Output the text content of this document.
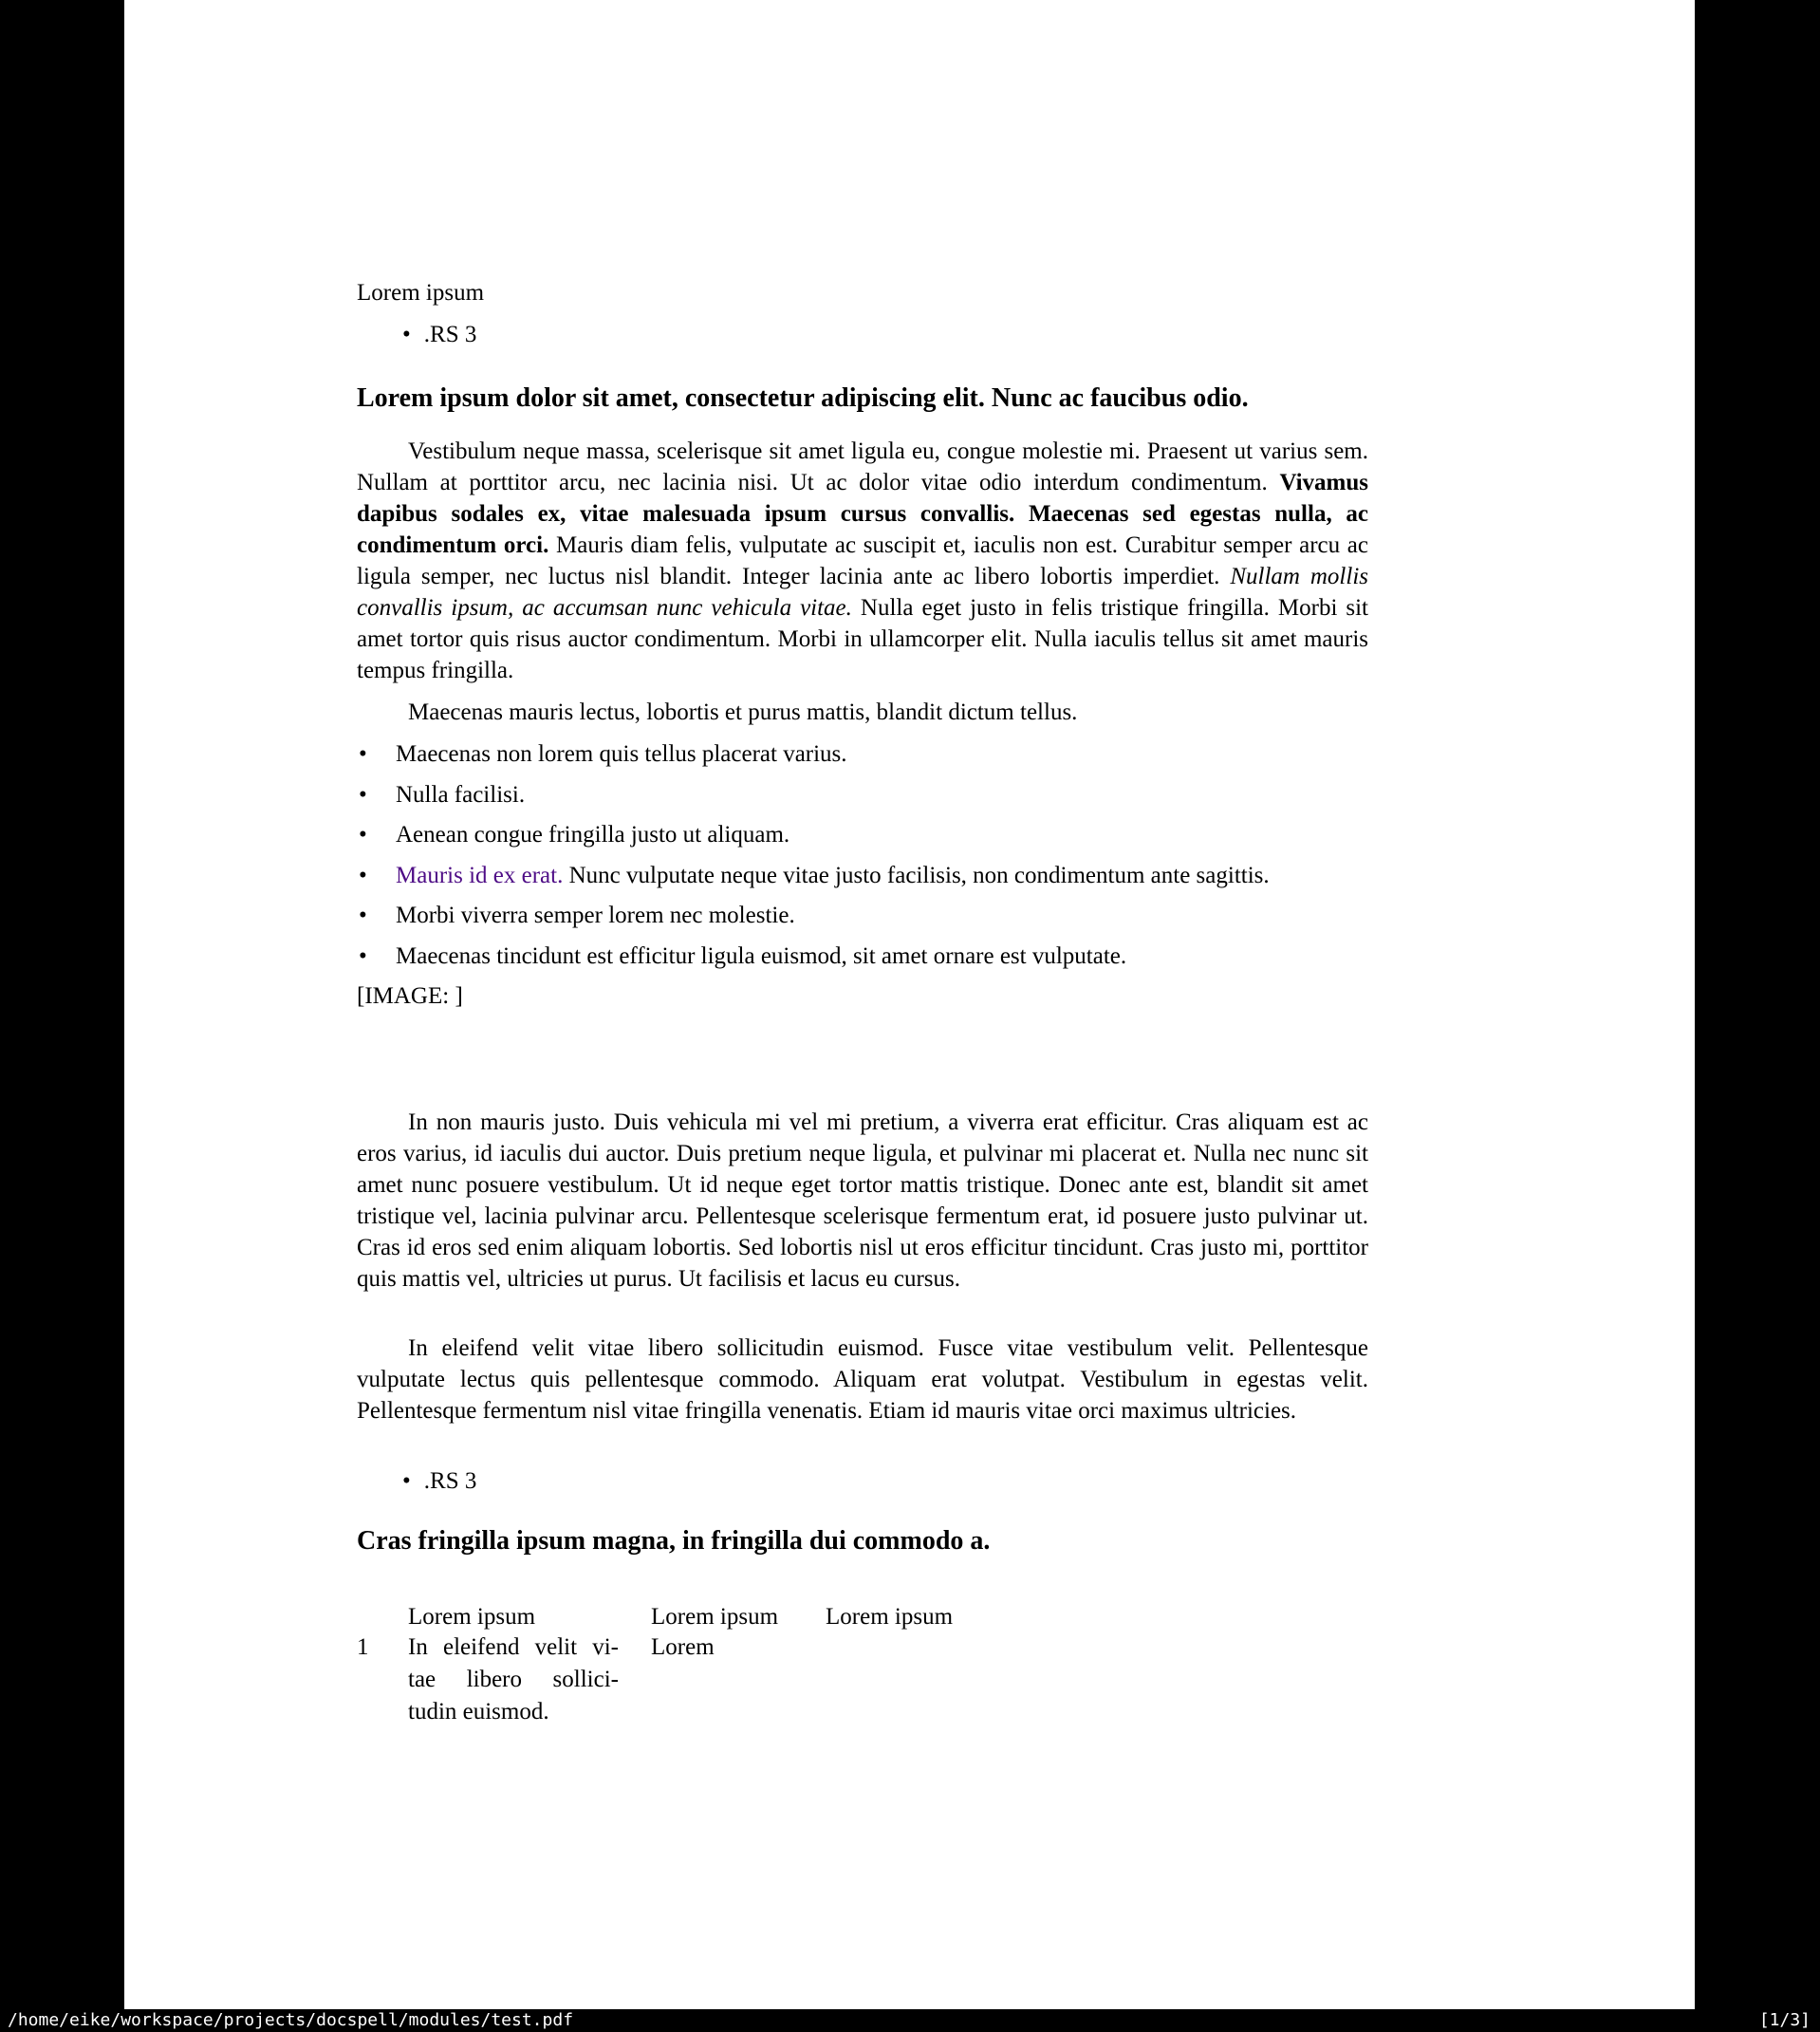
Lorem ipsum
• .RS 3
Lorem ipsum dolor sit amet, consectetur adipiscing elit. Nunc ac faucibus odio.
Vestibulum neque massa, scelerisque sit amet ligula eu, congue molestie mi. Praesent ut varius sem. Nullam at porttitor arcu, nec lacinia nisi. Ut ac dolor vitae odio interdum condimentum. Vivamus dapibus sodales ex, vitae malesuada ipsum cursus convallis. Maecenas sed egestas nulla, ac condimentum orci. Mauris diam felis, vulputate ac suscipit et, iaculis non est. Curabitur semper arcu ac ligula semper, nec luctus nisl blandit. Integer lacinia ante ac libero lobortis imperdiet. Nullam mollis convallis ipsum, ac accumsan nunc vehicula vitae. Nulla eget justo in felis tristique fringilla. Morbi sit amet tortor quis risus auctor condimentum. Morbi in ullamcorper elit. Nulla iaculis tellus sit amet mauris tempus fringilla.
Maecenas mauris lectus, lobortis et purus mattis, blandit dictum tellus.
• Maecenas non lorem quis tellus placerat varius.
• Nulla facilisi.
• Aenean congue fringilla justo ut aliquam.
• Mauris id ex erat. Nunc vulputate neque vitae justo facilisis, non condimentum ante sagittis.
• Morbi viverra semper lorem nec molestie.
• Maecenas tincidunt est efficitur ligula euismod, sit amet ornare est vulputate.
[IMAGE: ]
In non mauris justo. Duis vehicula mi vel mi pretium, a viverra erat efficitur. Cras aliquam est ac eros varius, id iaculis dui auctor. Duis pretium neque ligula, et pulvinar mi placerat et. Nulla nec nunc sit amet nunc posuere vestibulum. Ut id neque eget tortor mattis tristique. Donec ante est, blandit sit amet tristique vel, lacinia pulvinar arcu. Pellentesque scelerisque fermentum erat, id posuere justo pulvinar ut. Cras id eros sed enim aliquam lobortis. Sed lobortis nisl ut eros efficitur tincidunt. Cras justo mi, porttitor quis mattis vel, ultricies ut purus. Ut facilisis et lacus eu cursus.
In eleifend velit vitae libero sollicitudin euismod. Fusce vitae vestibulum velit. Pellentesque vulputate lectus quis pellentesque commodo. Aliquam erat volutpat. Vestibulum in egestas velit. Pellentesque fermentum nisl vitae fringilla venenatis. Etiam id mauris vitae orci maximus ultricies.
• .RS 3
Cras fringilla ipsum magna, in fringilla dui commodo a.
Lorem ipsum	Lorem ipsum Lorem ipsum
1 In eleifend velit vi-
tae libero sollici-
tudin euismod.
Lorem
/home/eike/workspace/projects/docspell/modules/test.pdf	[1/3]
